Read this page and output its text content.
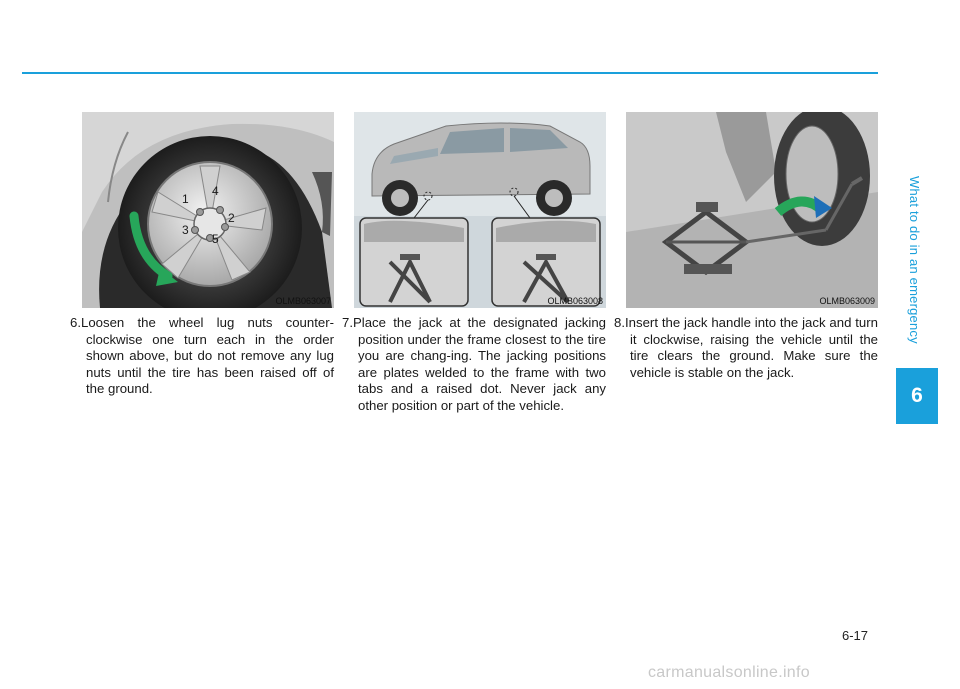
What to do in an emergency
6
1
4
2
3
5
OLMB063007	OLMB063008	OLMB063009

6.Loosen the wheel lug nuts counter-clockwise one turn each in the order shown above, but do not remove any lug nuts until the tire has been raised off of the ground.

7.Place the jack at the designated jacking position under the frame closest to the tire you are chang-ing. The jacking positions are plates welded to the frame with two tabs and a raised dot. Never jack any other position or part of the vehicle.

8.Insert the jack handle into the jack and turn it clockwise, raising the vehicle until the tire clears the ground. Make sure the vehicle is stable on the jack.

6-17
carmanualsonline.info
